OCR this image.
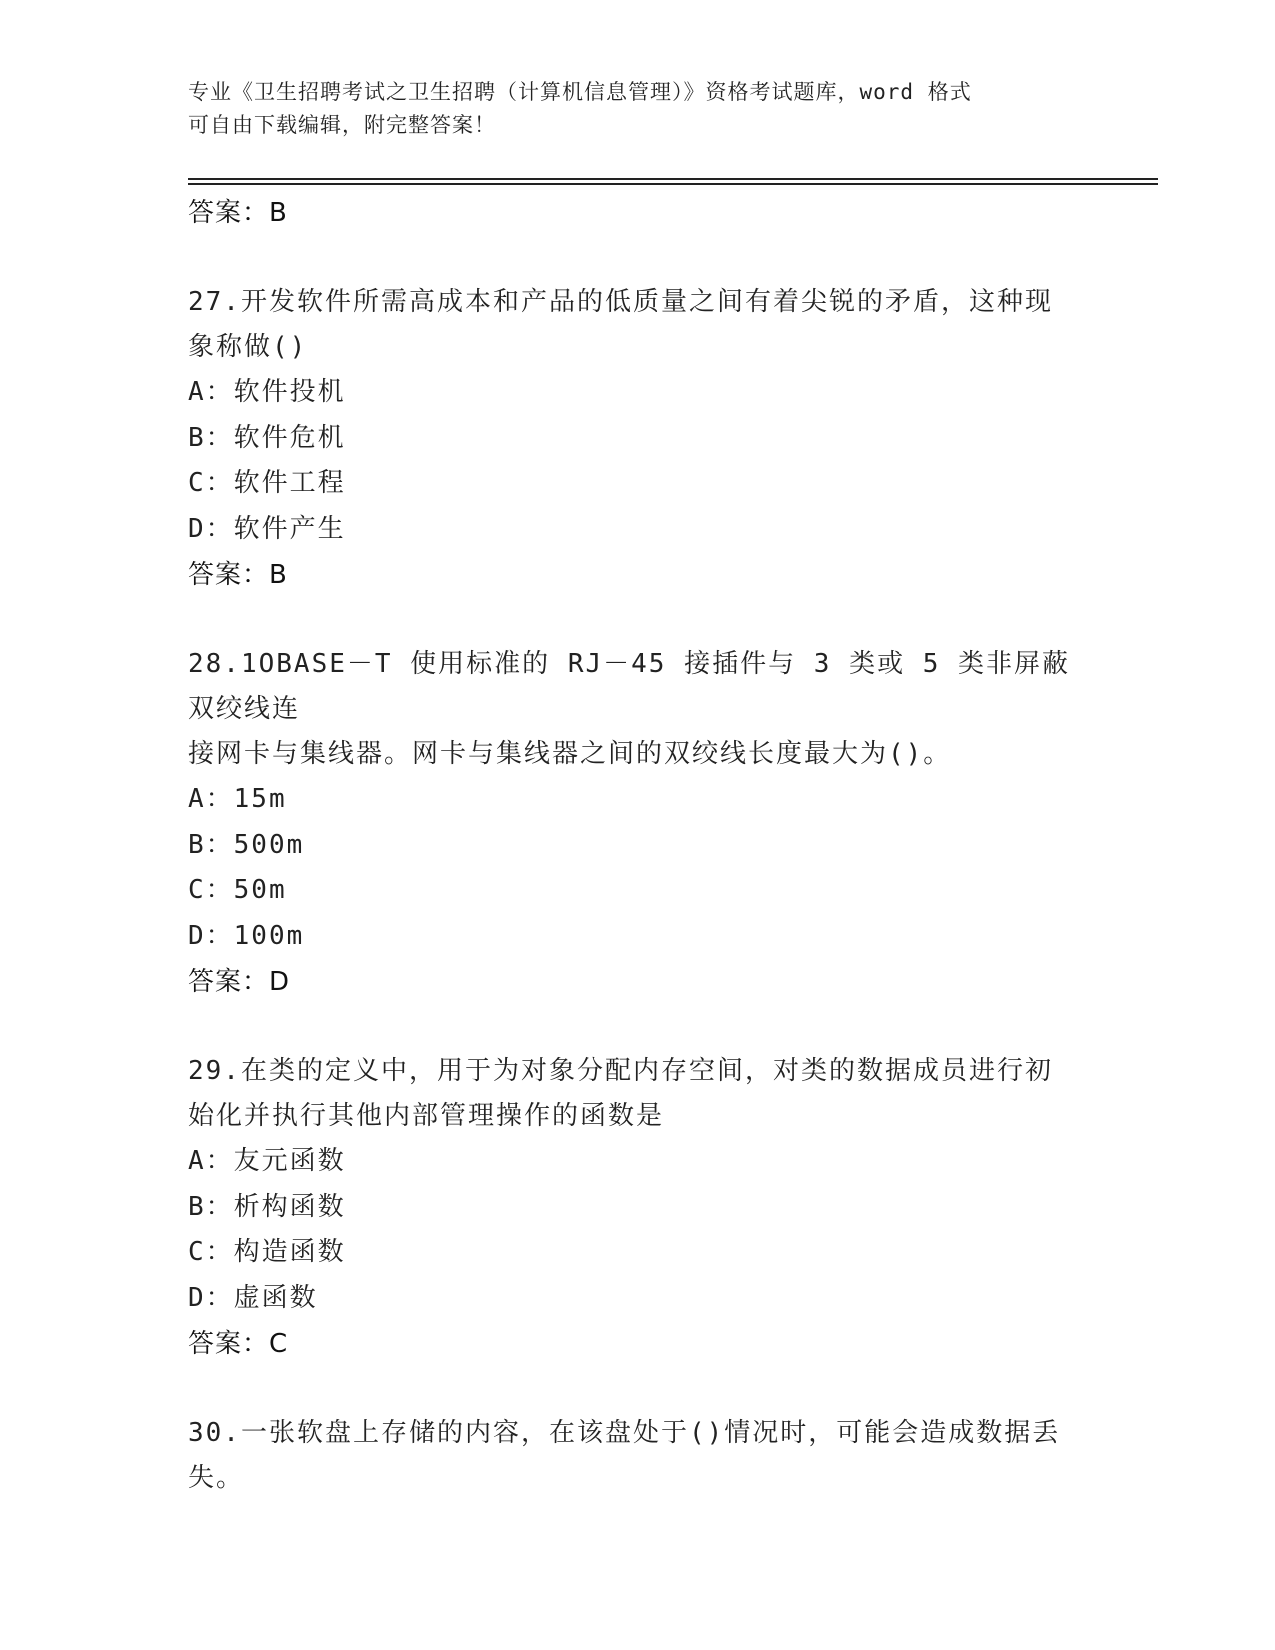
专业《卫生招聘考试之卫生招聘（计算机信息管理）》资格考试题库，word 格式
可自由下载编辑，附完整答案！
答案：B
27.开发软件所需高成本和产品的低质量之间有着尖锐的矛盾，这种现
象称做()
A：软件投机
B：软件危机
C：软件工程
D：软件产生
答案：B
28.1OBASE－T 使用标准的 RJ－45 接插件与 3 类或 5 类非屏蔽双绞线连
接网卡与集线器。网卡与集线器之间的双绞线长度最大为()。
A：15m
B：500m
C：50m
D：100m
答案：D
29.在类的定义中，用于为对象分配内存空间，对类的数据成员进行初
始化并执行其他内部管理操作的函数是
A：友元函数
B：析构函数
C：构造函数
D：虚函数
答案：C
30.一张软盘上存储的内容，在该盘处于()情况时，可能会造成数据丢
失。
